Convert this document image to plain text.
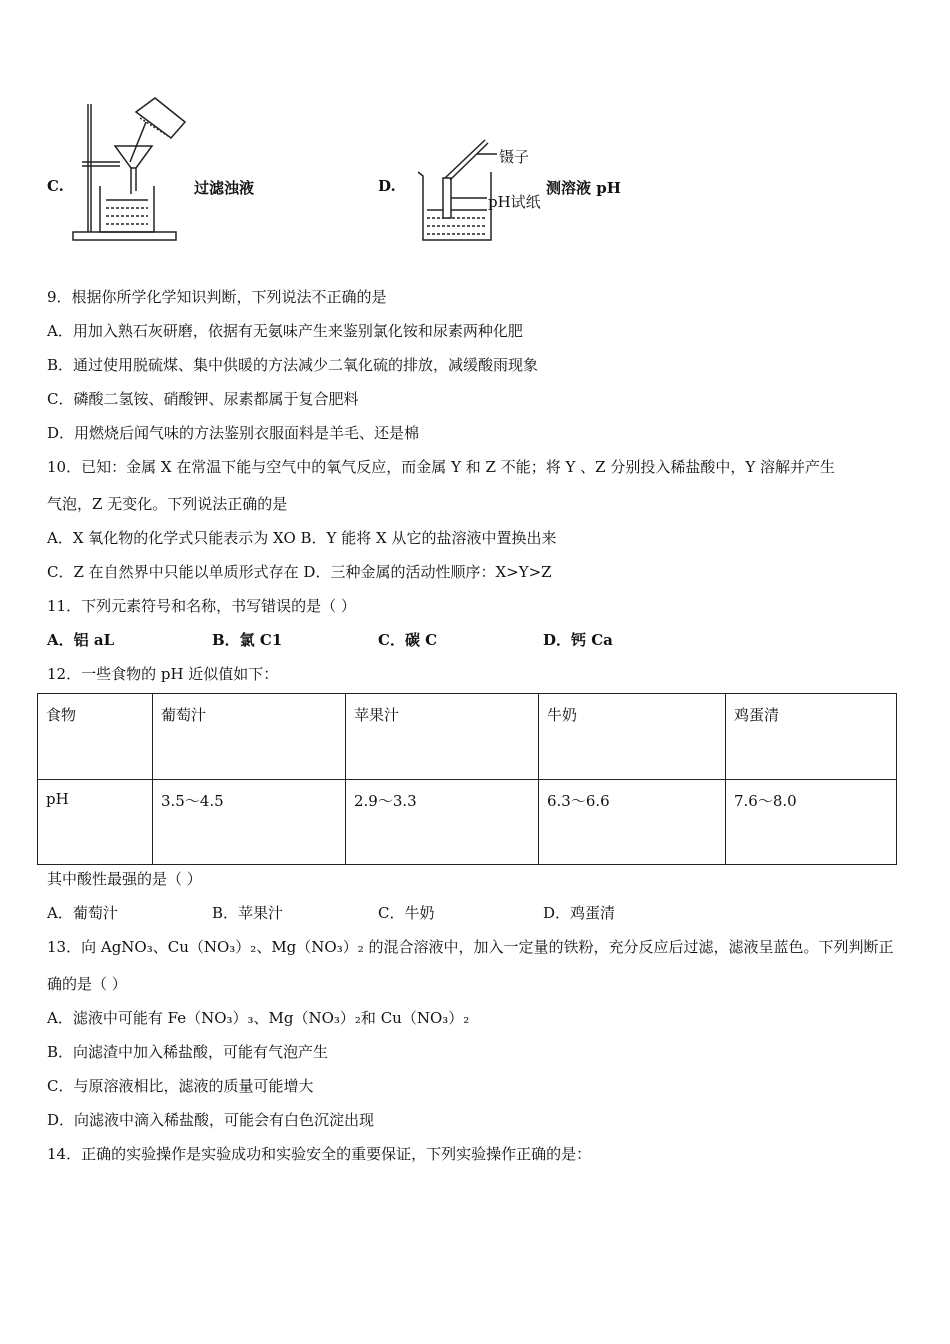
C.	过滤浊液	D.
镊子
pH试纸
测溶液 pH
9．根据你所学化学知识判断，下列说法不正确的是
A．用加入熟石灰研磨，依据有无氨味产生来鉴别氯化铵和尿素两种化肥
B．通过使用脱硫煤、集中供暖的方法减少二氧化硫的排放，减缓酸雨现象
C．磷酸二氢铵、硝酸钾、尿素都属于复合肥料
D．用燃烧后闻气味的方法鉴别衣服面料是羊毛、还是棉
10．已知：金属 X 在常温下能与空气中的氧气反应，而金属 Y 和 Z 不能；将 Y 、Z 分别投入稀盐酸中，Y 溶解并产生
气泡，Z 无变化。下列说法正确的是
A．X 氧化物的化学式只能表示为 XO B．Y 能将 X 从它的盐溶液中置换出来
C．Z 在自然界中只能以单质形式存在 D．三种金属的活动性顺序：X>Y>Z
11．下列元素符号和名称，书写错误的是（ ）
A．铝 aL	B．氯 C1	C．碳 C	D．钙 Ca
12．一些食物的 pH 近似值如下：
食物	葡萄汁	苹果汁	牛奶	鸡蛋清
pH	3.5～4.5	2.9～3.3	6.3～6.6	7.6～8.0
其中酸性最强的是（ ）
A．葡萄汁	B．苹果汁	C．牛奶	D．鸡蛋清
13．向 AgNO₃、Cu（NO₃）₂、Mg（NO₃）₂ 的混合溶液中，加入一定量的铁粉，充分反应后过滤，滤液呈蓝色。下列判断正
确的是（ ）
A．滤液中可能有 Fe（NO₃）₃、Mg（NO₃）₂和 Cu（NO₃）₂
B．向滤渣中加入稀盐酸，可能有气泡产生
C．与原溶液相比，滤液的质量可能增大
D．向滤液中滴入稀盐酸，可能会有白色沉淀出现
14．正确的实验操作是实验成功和实验安全的重要保证，下列实验操作正确的是：
